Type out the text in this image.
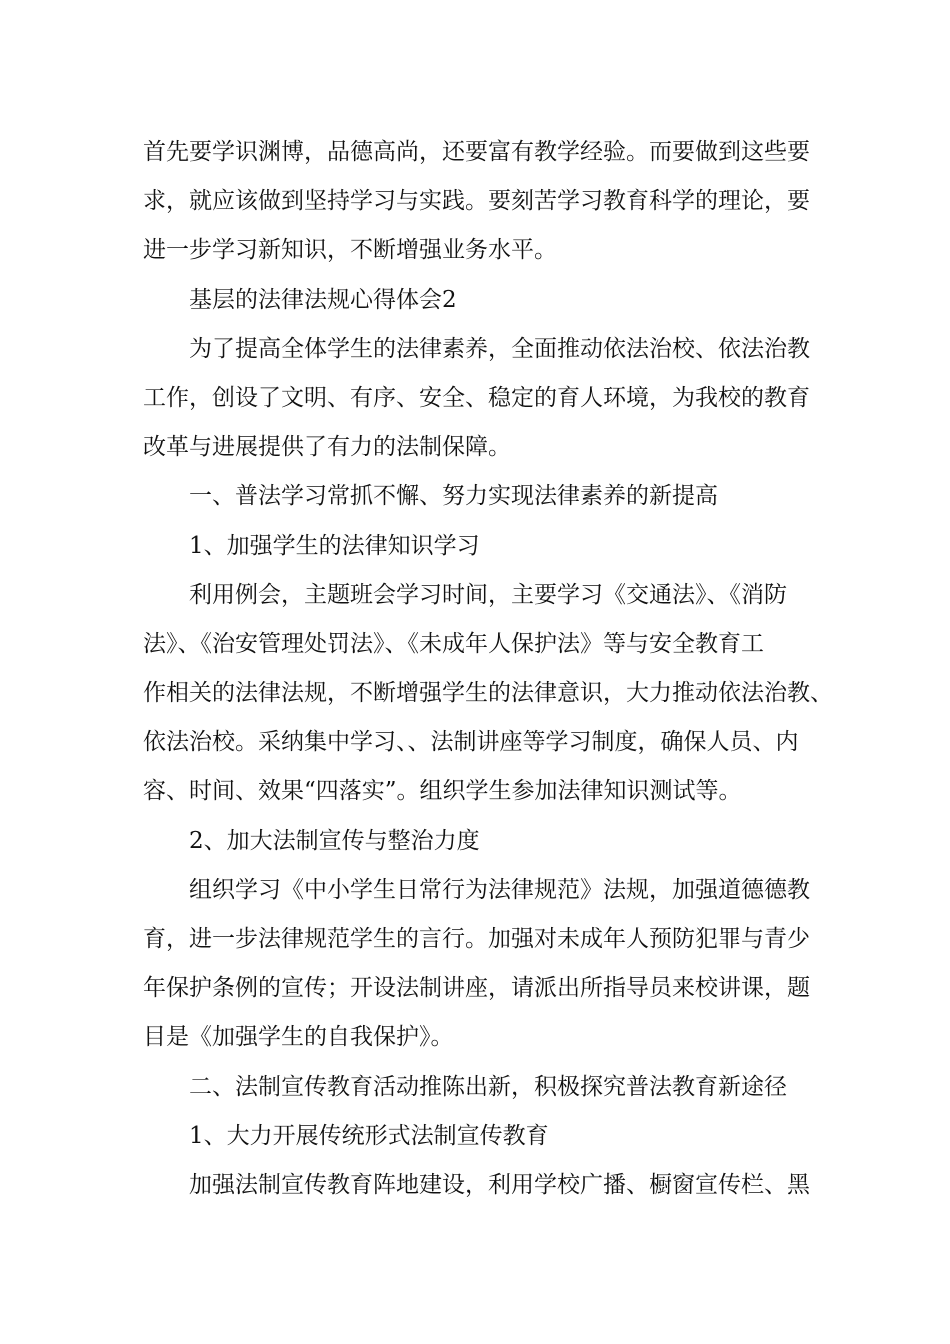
首先要学识渊博，品德高尚，还要富有教学经验。而要做到这些要
求，就应该做到坚持学习与实践。要刻苦学习教育科学的理论，要
进一步学习新知识，不断增强业务水平。
基层的法律法规心得体会2
为了提高全体学生的法律素养，全面推动依法治校、依法治教
工作，创设了文明、有序、安全、稳定的育人环境，为我校的教育
改革与进展提供了有力的法制保障。
一、普法学习常抓不懈、努力实现法律素养的新提高
1、加强学生的法律知识学习
利用例会，主题班会学习时间，主要学习《交通法》、《消防
法》、《治安管理处罚法》、《未成年人保护法》等与安全教育工
作相关的法律法规，不断增强学生的法律意识，大力推动依法治教、
依法治校。采纳集中学习、、法制讲座等学习制度，确保人员、内
容、时间、效果“四落实”。组织学生参加法律知识测试等。
2、加大法制宣传与整治力度
组织学习《中小学生日常行为法律规范》法规，加强道德德教
育，进一步法律规范学生的言行。加强对未成年人预防犯罪与青少
年保护条例的宣传；开设法制讲座，请派出所指导员来校讲课，题
目是《加强学生的自我保护》。
二、法制宣传教育活动推陈出新，积极探究普法教育新途径
1、大力开展传统形式法制宣传教育
加强法制宣传教育阵地建设，利用学校广播、橱窗宣传栏、黑
